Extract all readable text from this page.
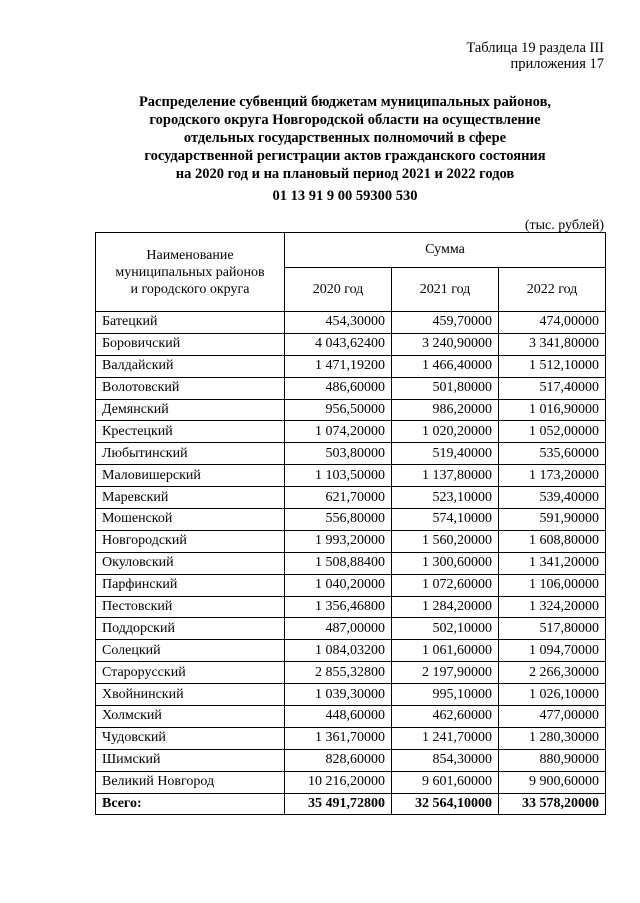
Таблица 19 раздела III
приложения 17
Распределение субвенций бюджетам муниципальных районов,
городского округа Новгородской области на осуществление
отдельных государственных полномочий в сфере
государственной регистрации актов гражданского состояния
на 2020 год и на плановый период 2021 и 2022 годов
01 13 91 9 00 59300 530
(тыс. рублей)
Наименование
муниципальных районов
и городского округа	Сумма		
	2020 год	2021 год	2022 год
Батецкий	454,30000	459,70000	474,00000
Боровичский	4 043,62400	3 240,90000	3 341,80000
Валдайский	1 471,19200	1 466,40000	1 512,10000
Волотовский	486,60000	501,80000	517,40000
Демянский	956,50000	986,20000	1 016,90000
Крестецкий	1 074,20000	1 020,20000	1 052,00000
Любытинский	503,80000	519,40000	535,60000
Маловишерский	1 103,50000	1 137,80000	1 173,20000
Маревский	621,70000	523,10000	539,40000
Мошенской	556,80000	574,10000	591,90000
Новгородский	1 993,20000	1 560,20000	1 608,80000
Окуловский	1 508,88400	1 300,60000	1 341,20000
Парфинский	1 040,20000	1 072,60000	1 106,00000
Пестовский	1 356,46800	1 284,20000	1 324,20000
Поддорский	487,00000	502,10000	517,80000
Солецкий	1 084,03200	1 061,60000	1 094,70000
Старорусский	2 855,32800	2 197,90000	2 266,30000
Хвойнинский	1 039,30000	995,10000	1 026,10000
Холмский	448,60000	462,60000	477,00000
Чудовский	1 361,70000	1 241,70000	1 280,30000
Шимский	828,60000	854,30000	880,90000
Великий Новгород	10 216,20000	9 601,60000	9 900,60000
Всего:	35 491,72800	32 564,10000	33 578,20000
